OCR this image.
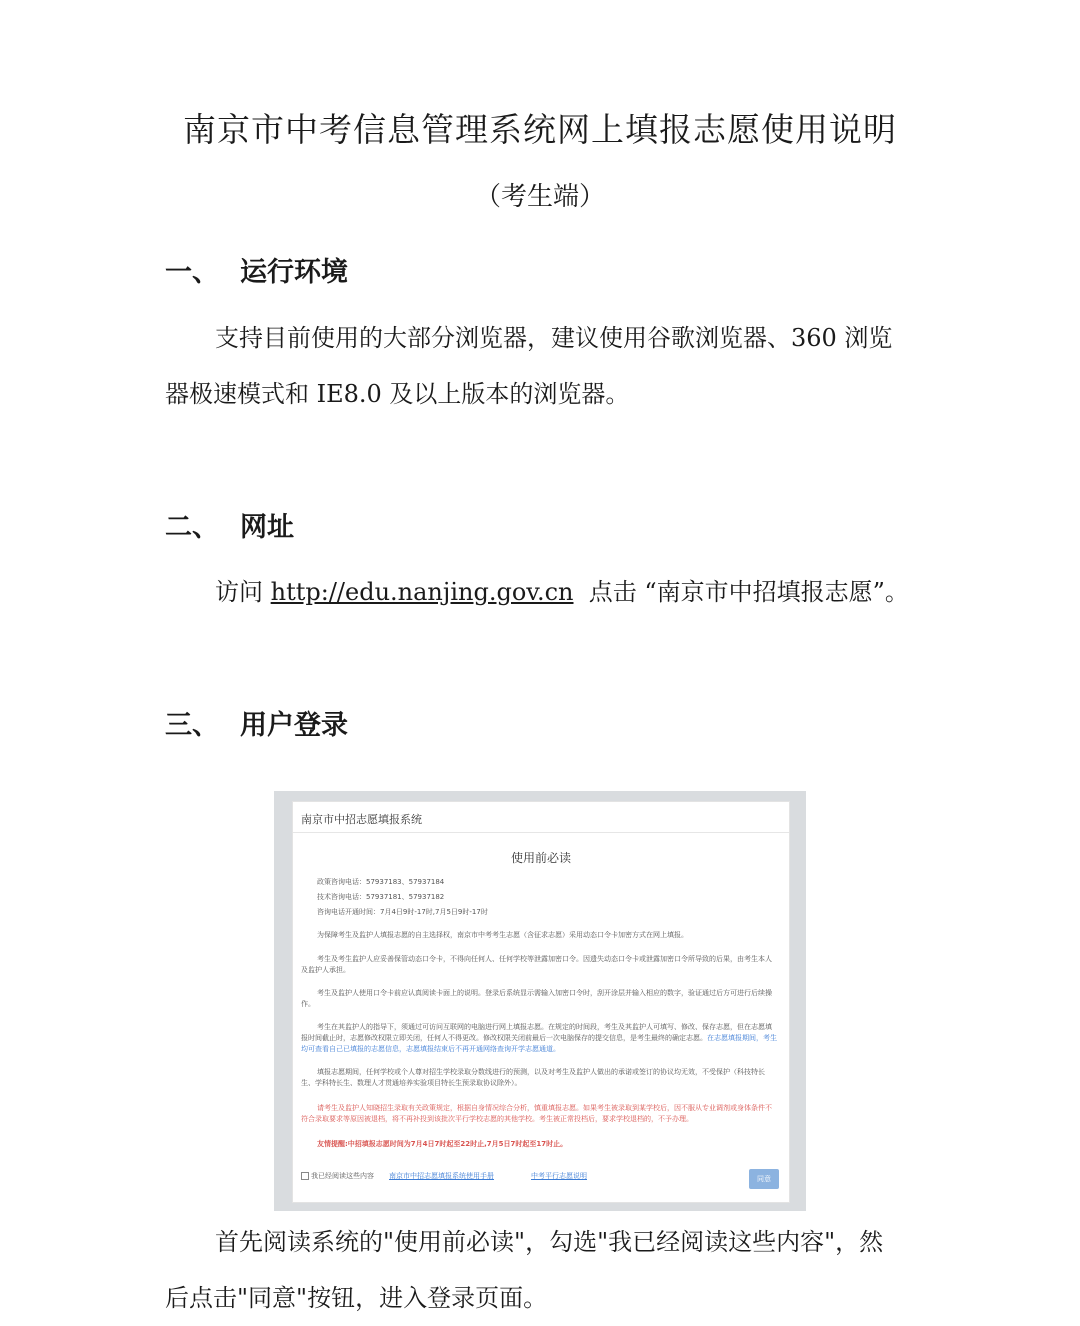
南京市中考信息管理系统网上填报志愿使用说明
（考生端）
一、 运行环境
支持目前使用的大部分浏览器，建议使用谷歌浏览器、360 浏览
器极速模式和 IE8.0 及以上版本的浏览器。
二、 网址
访问 http://edu.nanjing.gov.cn  点击 “南京市中招填报志愿”。
三、 用户登录
南京市中招志愿填报系统
使用前必读
政策咨询电话：57937183、57937184
技术咨询电话：57937181、57937182
咨询电话开通时间：7月4日9时-17时,7月5日9时-17时
为保障考生及监护人填报志愿的自主选择权，南京市中考考生志愿（含征求志愿）采用动态口令卡加密方式在网上填报。
考生及考生监护人应妥善保管动态口令卡，不得向任何人、任何学校等泄露加密口令。因遗失动态口令卡或泄露加密口令所导致的后果，由考生本人及监护人承担。
考生及监护人使用口令卡前应认真阅读卡面上的说明。登录后系统显示需输入加密口令时，刮开涂层并输入相应的数字，验证通过后方可进行后续操作。
考生在其监护人的指导下，须通过可访问互联网的电脑进行网上填报志愿。在规定的时间段，考生及其监护人可填写、修改、保存志愿，但在志愿填报时间截止时，志愿修改权限立即关闭，任何人不得更改。修改权限关闭前最后一次电脑保存的提交信息，是考生最终的确定志愿。在志愿填报期间，考生均可查看自己已填报的志愿信息，志愿填报结束后不再开通网络查询开学志愿通道。
填报志愿期间，任何学校或个人尊对招生学校录取分数线进行的预测，以及对考生及监护人做出的承诺或签订的协议均无效，不受保护（科技特长生、学科特长生、数理人才贯通培养实验项目特长生预录取协议除外）。
请考生及监护人知晓招生录取有关政策规定，根据自身情况综合分析，慎重填报志愿。如果考生被录取到某学校后，因不服从专业调剂或身体条件不符合录取要求等原因被退档，将不再补投到该批次平行学校志愿的其他学校。考生被正常投档后，要求学校退档的，不予办理。
友情提醒:中招填报志愿时间为7月4日7时起至22时止,7月5日7时起至17时止。
我已经阅读这些内容 南京市中招志愿填报系统使用手册	中考平行志愿说明	同意
首先阅读系统的"使用前必读"，勾选"我已经阅读这些内容"，然
后点击"同意"按钮，进入登录页面。
